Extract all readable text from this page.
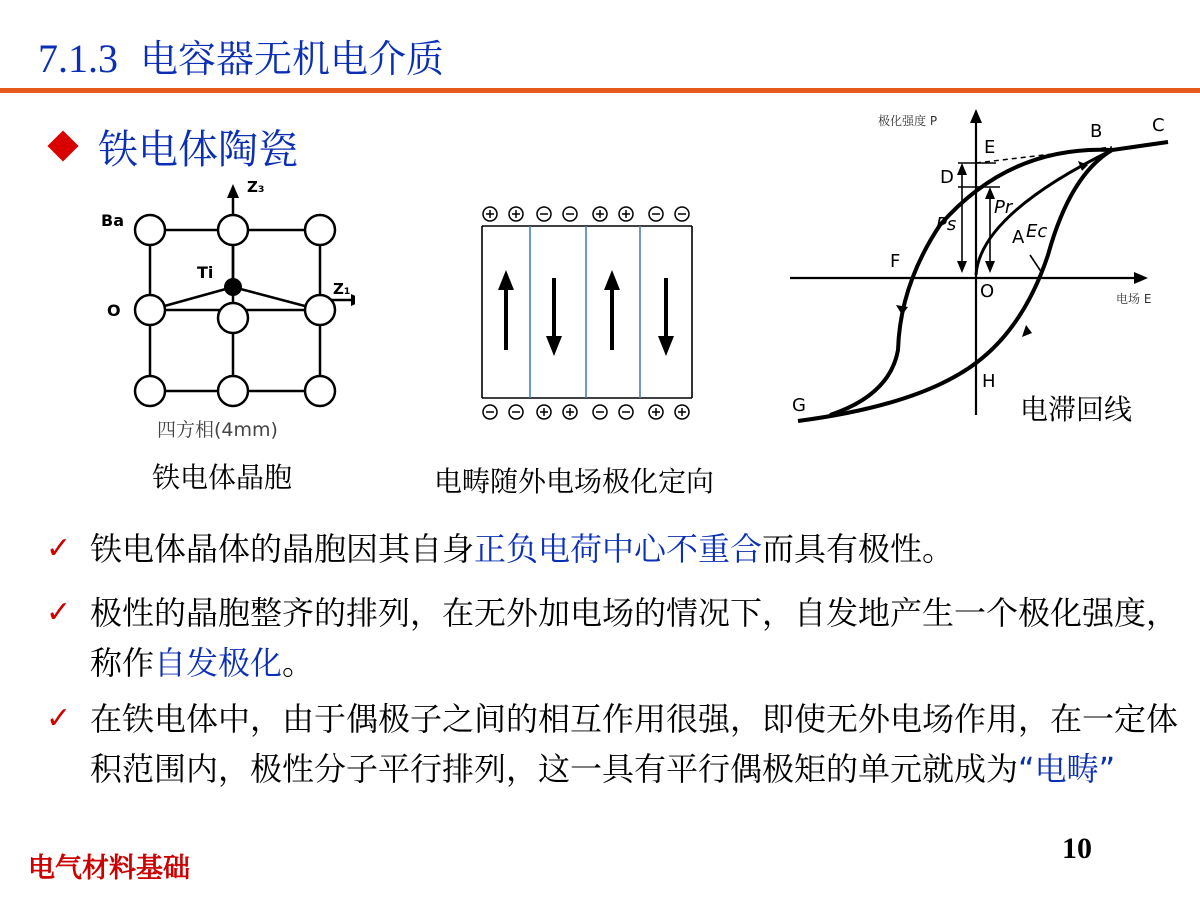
7.1.3 电容器无机电介质
铁电体陶瓷
Ba
Ti
O
Z₃
Z₁
四方相(4mm)
铁电体晶胞	电畴随外电场极化定向
A
B	C
D
E
F
G
H
O
Ps
Pr
Ec
极化强度 P
电场 E
电滞回线
✓ 铁电体晶体的晶胞因其自身正负电荷中心不重合而具有极性。
✓ 极性的晶胞整齐的排列，在无外加电场的情况下，自发地产生一个极化强度，称作自发极化。
✓ 在铁电体中，由于偶极子之间的相互作用很强，即使无外电场作用，在一定体积范围内，极性分子平行排列，这一具有平行偶极矩的单元就成为“电畴”
电气材料基础
10
